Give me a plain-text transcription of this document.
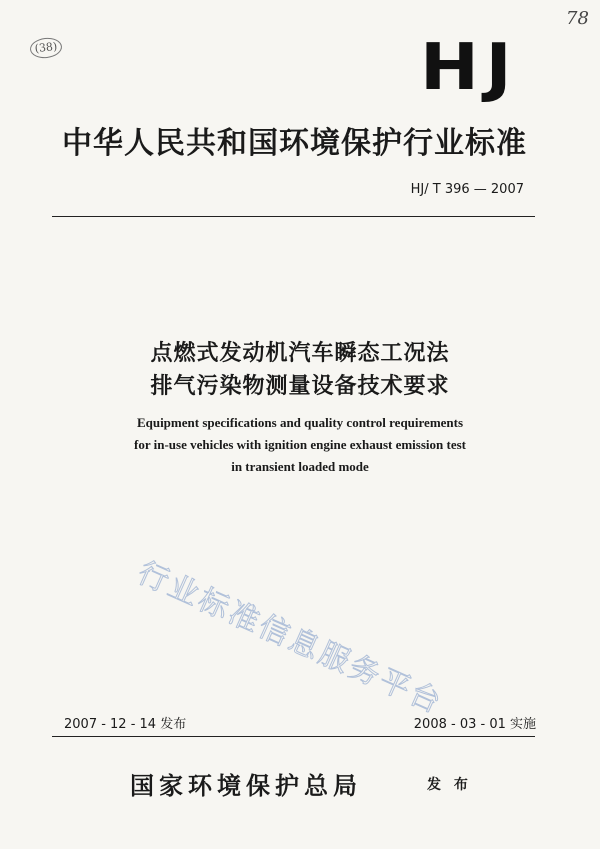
(38)
78
HJ
中华人民共和国环境保护行业标准
HJ/ T 396 — 2007
点燃式发动机汽车瞬态工况法
排气污染物测量设备技术要求
Equipment specifications and quality control requirements
for in-use vehicles with ignition engine exhaust emission test
in transient loaded mode
行业标准信息服务平台
2007 - 12 - 14 发布	2008 - 03 - 01 实施
国家环境保护总局	发 布
